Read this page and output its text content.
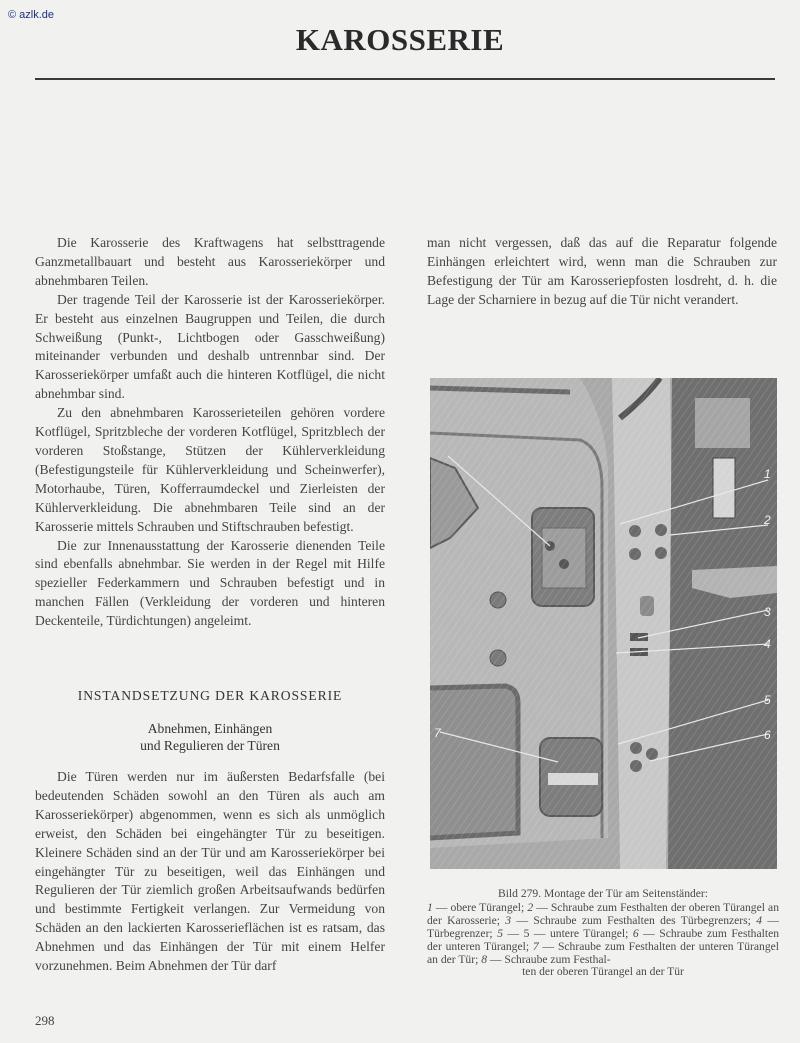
© azlk.de
KAROSSERIE

Die Karosserie des Kraftwagens hat selbsttragende Ganzmetallbauart und besteht aus Karosseriekörper und abnehmbaren Teilen.

Der tragende Teil der Karosserie ist der Karosseriekörper. Er besteht aus einzelnen Baugruppen und Teilen, die durch Schweißung (Punkt-, Lichtbogen oder Gasschweißung) miteinander verbunden und deshalb untrennbar sind. Der Karosseriekörper umfaßt auch die hinteren Kotflügel, die nicht abnehmbar sind.

Zu den abnehmbaren Karosserieteilen gehören vordere Kotflügel, Spritzbleche der vorderen Kotflügel, Spritzblech der vorderen Stoßstange, Stützen der Kühlerverkleidung (Befestigungsteile für Kühlerverkleidung und Scheinwerfer), Motorhaube, Türen, Kofferraumdeckel und Zierleisten der Kühlerverkleidung. Die abnehmbaren Teile sind an der Karosserie mittels Schrauben und Stiftschrauben befestigt.

Die zur Innenausstattung der Karosserie dienenden Teile sind ebenfalls abnehmbar. Sie werden in der Regel mit Hilfe spezieller Federkammern und Schrauben befestigt und in manchen Fällen (Verkleidung der vorderen und hinteren Deckenteile, Türdichtungen) angeleimt.

INSTANDSETZUNG DER KAROSSERIE
Abnehmen, Einhängen
und Regulieren der Türen

Die Türen werden nur im äußersten Bedarfsfalle (bei bedeutenden Schäden sowohl an den Türen als auch am Karosseriekörper) abgenommen, wenn es sich als unmöglich erweist, den Schäden bei eingehängter Tür zu beseitigen. Kleinere Schäden sind an der Tür und am Karosseriekörper bei eingehängter Tür zu beseitigen, weil das Einhängen und Regulieren der Tür ziemlich großen Arbeitsaufwands bedürfen und bestimmte Fertigkeit verlangen. Zur Vermeidung von Schäden an den lackierten Karosserieflächen ist es ratsam, das Abnehmen und das Einhängen der Tür mit einem Helfer vorzunehmen. Beim Abnehmen der Tür darf

man nicht vergessen, daß das auf die Reparatur folgende Einhängen erleichtert wird, wenn man die Schrauben zur Befestigung der Tür am Karosseriepfosten losdreht, d. h. die Lage der Scharniere in bezug auf die Tür nicht verandert.

1
2
3
4
5
6
7
Bild 279. Montage der Tür am Seitenständer:
1 — obere Türangel; 2 — Schraube zum Festhalten der oberen Türangel an der Karosserie; 3 — Schraube zum Festhalten des Türbegrenzers; 4 — Türbegrenzer; 5 — 5 — untere Türangel; 6 — Schraube zum Festhalten der unteren Türangel; 7 — Schraube zum Festhalten der unteren Türangel an der Tür; 8 — Schraube zum Festhal-
ten der oberen Türangel an der Tür
298
